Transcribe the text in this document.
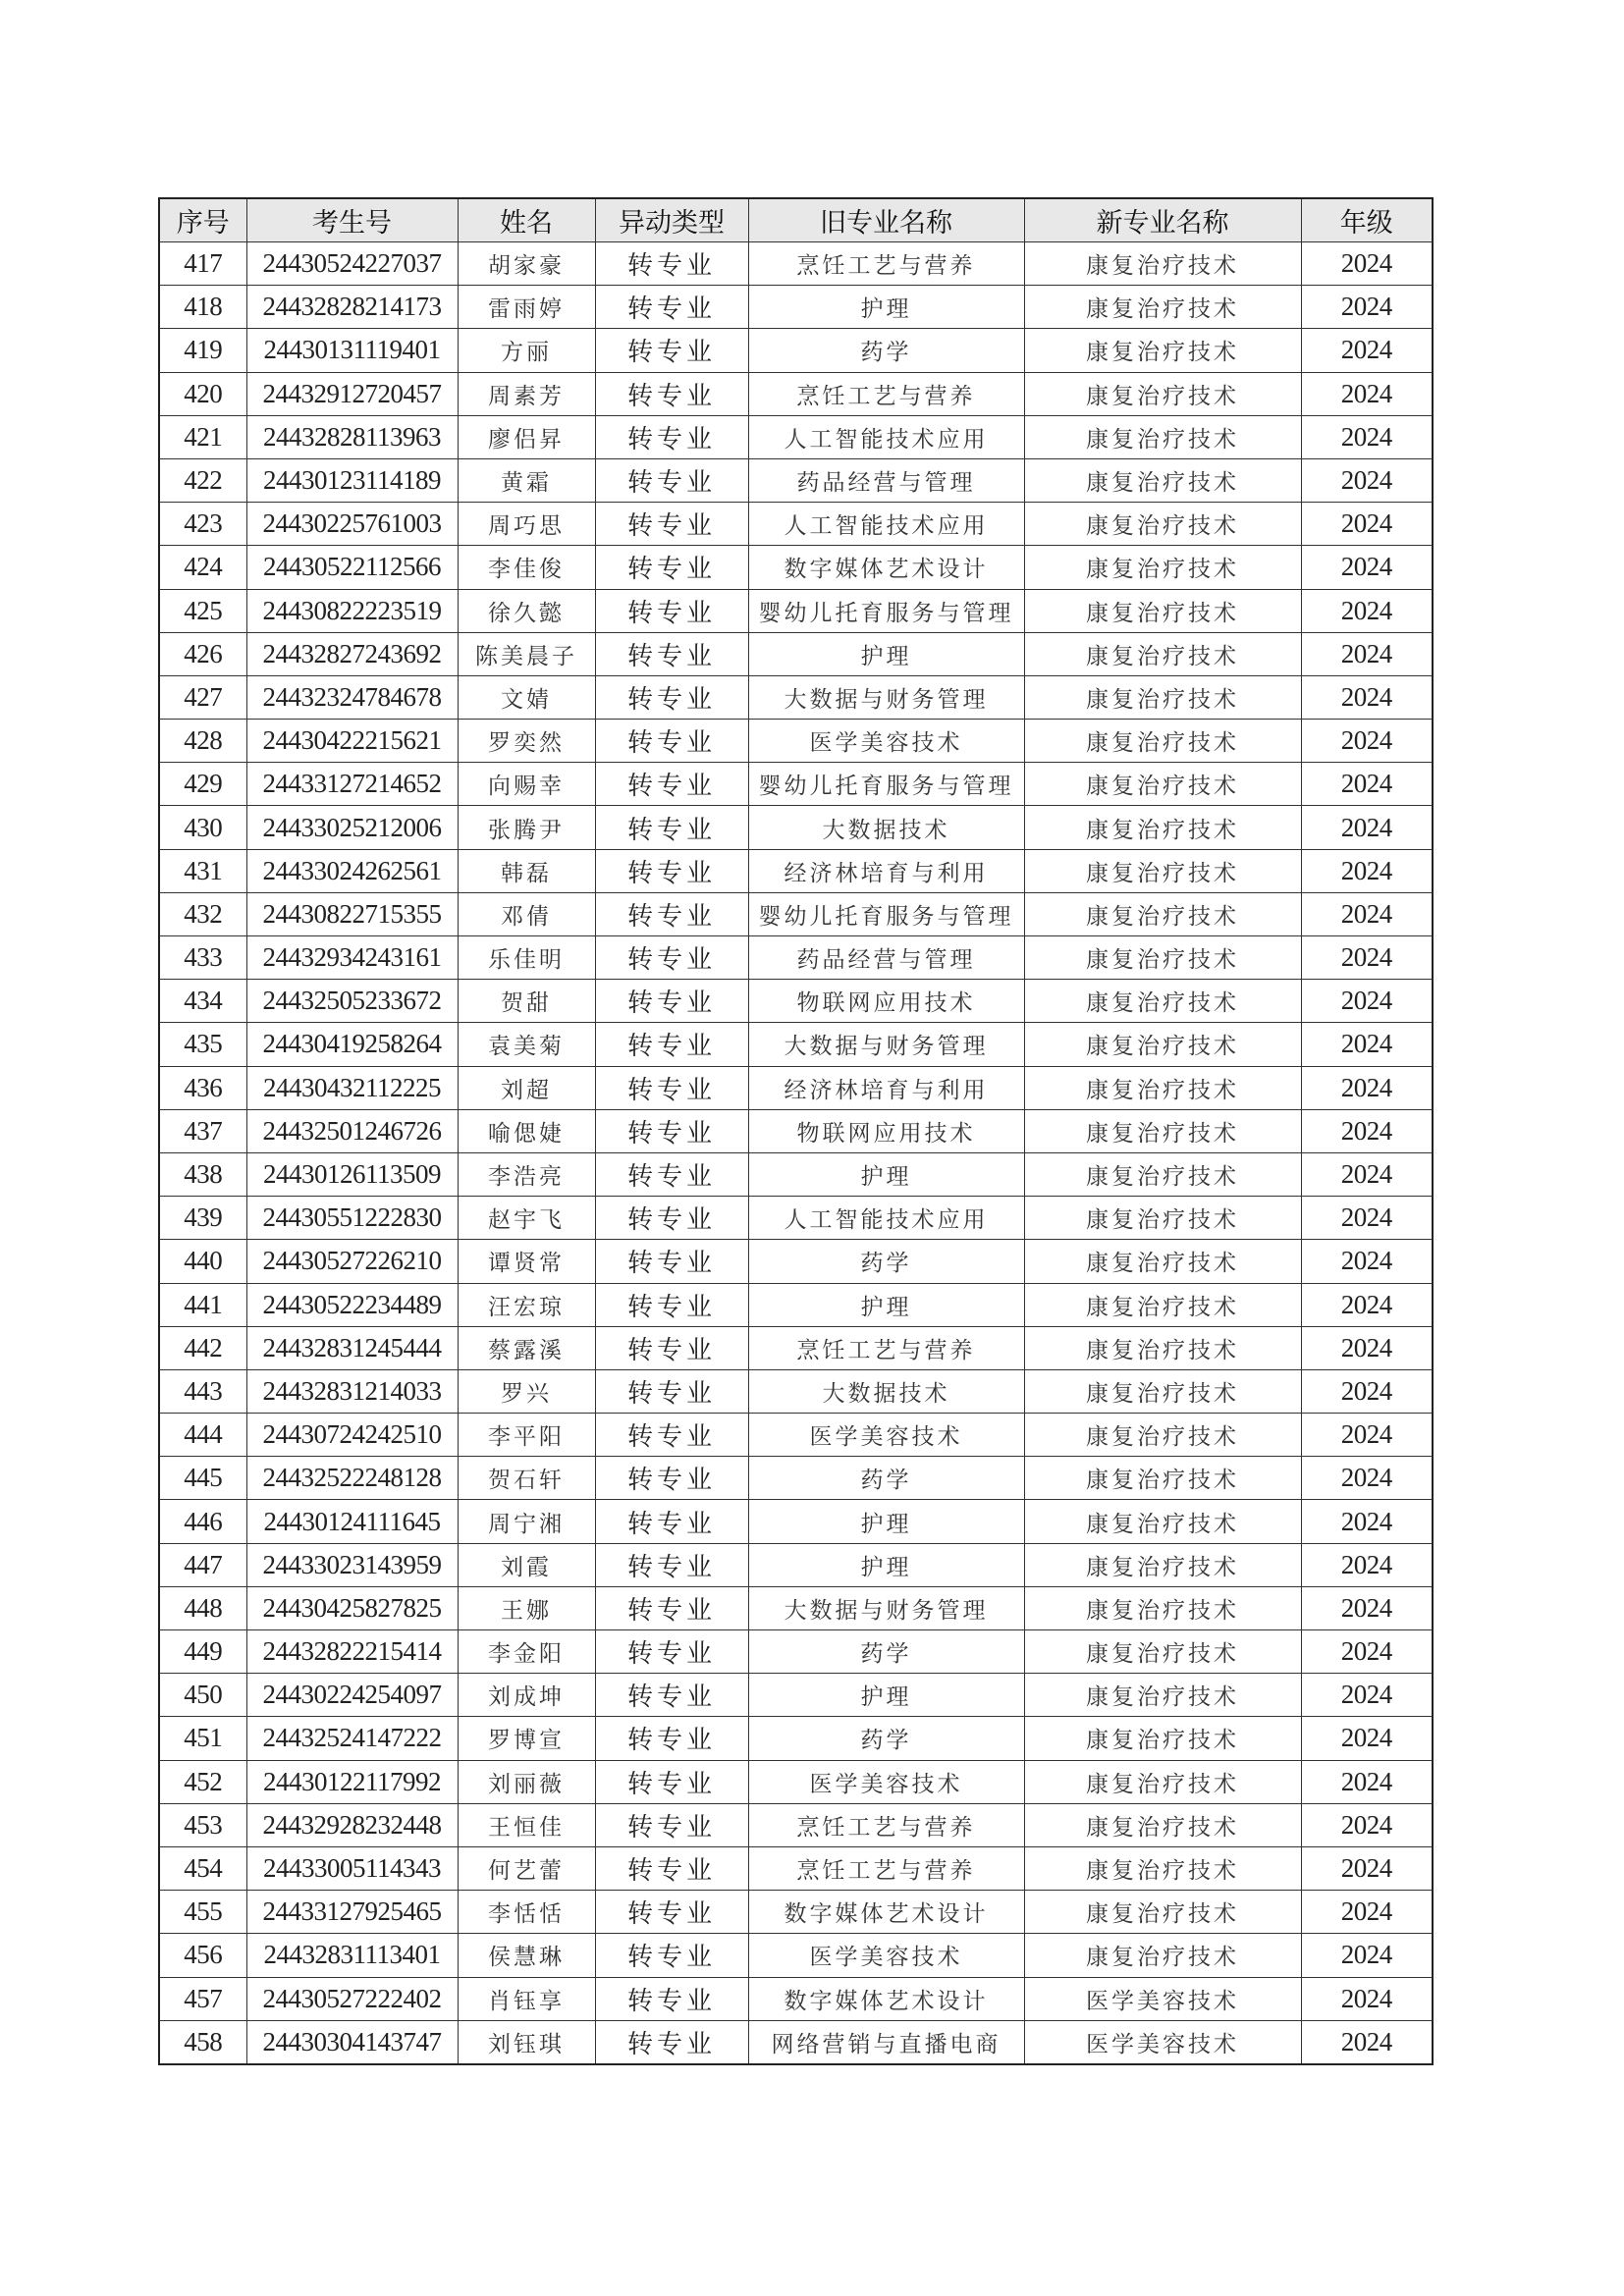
序号	考生号	姓名	异动类型	旧专业名称	新专业名称	年级
417	24430524227037	胡家豪	转专业	烹饪工艺与营养	康复治疗技术	2024
418	24432828214173	雷雨婷	转专业	护理	康复治疗技术	2024
419	24430131119401	方丽	转专业	药学	康复治疗技术	2024
420	24432912720457	周素芳	转专业	烹饪工艺与营养	康复治疗技术	2024
421	24432828113963	廖侣昇	转专业	人工智能技术应用	康复治疗技术	2024
422	24430123114189	黄霜	转专业	药品经营与管理	康复治疗技术	2024
423	24430225761003	周巧思	转专业	人工智能技术应用	康复治疗技术	2024
424	24430522112566	李佳俊	转专业	数字媒体艺术设计	康复治疗技术	2024
425	24430822223519	徐久懿	转专业	婴幼儿托育服务与管理	康复治疗技术	2024
426	24432827243692	陈美晨子	转专业	护理	康复治疗技术	2024
427	24432324784678	文婧	转专业	大数据与财务管理	康复治疗技术	2024
428	24430422215621	罗奕然	转专业	医学美容技术	康复治疗技术	2024
429	24433127214652	向赐幸	转专业	婴幼儿托育服务与管理	康复治疗技术	2024
430	24433025212006	张腾尹	转专业	大数据技术	康复治疗技术	2024
431	24433024262561	韩磊	转专业	经济林培育与利用	康复治疗技术	2024
432	24430822715355	邓倩	转专业	婴幼儿托育服务与管理	康复治疗技术	2024
433	24432934243161	乐佳明	转专业	药品经营与管理	康复治疗技术	2024
434	24432505233672	贺甜	转专业	物联网应用技术	康复治疗技术	2024
435	24430419258264	袁美菊	转专业	大数据与财务管理	康复治疗技术	2024
436	24430432112225	刘超	转专业	经济林培育与利用	康复治疗技术	2024
437	24432501246726	喻偲婕	转专业	物联网应用技术	康复治疗技术	2024
438	24430126113509	李浩亮	转专业	护理	康复治疗技术	2024
439	24430551222830	赵宇飞	转专业	人工智能技术应用	康复治疗技术	2024
440	24430527226210	谭贤常	转专业	药学	康复治疗技术	2024
441	24430522234489	汪宏琼	转专业	护理	康复治疗技术	2024
442	24432831245444	蔡露溪	转专业	烹饪工艺与营养	康复治疗技术	2024
443	24432831214033	罗兴	转专业	大数据技术	康复治疗技术	2024
444	24430724242510	李平阳	转专业	医学美容技术	康复治疗技术	2024
445	24432522248128	贺石轩	转专业	药学	康复治疗技术	2024
446	24430124111645	周宁湘	转专业	护理	康复治疗技术	2024
447	24433023143959	刘霞	转专业	护理	康复治疗技术	2024
448	24430425827825	王娜	转专业	大数据与财务管理	康复治疗技术	2024
449	24432822215414	李金阳	转专业	药学	康复治疗技术	2024
450	24430224254097	刘成坤	转专业	护理	康复治疗技术	2024
451	24432524147222	罗博宣	转专业	药学	康复治疗技术	2024
452	24430122117992	刘丽薇	转专业	医学美容技术	康复治疗技术	2024
453	24432928232448	王恒佳	转专业	烹饪工艺与营养	康复治疗技术	2024
454	24433005114343	何艺蕾	转专业	烹饪工艺与营养	康复治疗技术	2024
455	24433127925465	李恬恬	转专业	数字媒体艺术设计	康复治疗技术	2024
456	24432831113401	侯慧琳	转专业	医学美容技术	康复治疗技术	2024
457	24430527222402	肖钰享	转专业	数字媒体艺术设计	医学美容技术	2024
458	24430304143747	刘钰琪	转专业	网络营销与直播电商	医学美容技术	2024
